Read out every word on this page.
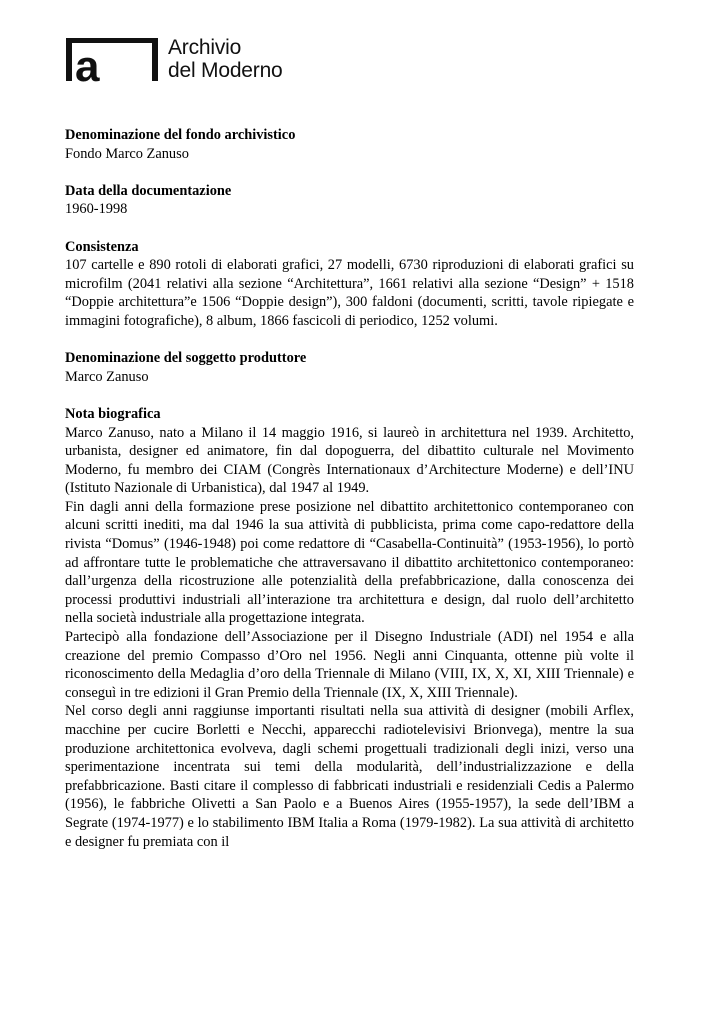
a	Archivio
del Moderno
Denominazione del fondo archivistico
Fondo Marco Zanuso
Data della documentazione
1960-1998
Consistenza

107 cartelle e 890 rotoli di elaborati grafici, 27 modelli, 6730 riproduzioni di elaborati grafici su microfilm (2041 relativi alla sezione “Architettura”, 1661 relativi alla sezione “Design” + 1518 “Doppie architettura”e 1506 “Doppie design”), 300 faldoni (documenti, scritti, tavole ripiegate e immagini fotografiche), 8 album, 1866 fascicoli di periodico, 1252 volumi.

Denominazione del soggetto produttore
Marco Zanuso
Nota biografica

Marco Zanuso, nato a Milano il 14 maggio 1916, si laureò in architettura nel 1939. Architetto, urbanista, designer ed animatore, fin dal dopoguerra, del dibattito culturale nel Movimento Moderno, fu membro dei CIAM (Congrès Internationaux d’Architecture Moderne) e dell’INU (Istituto Nazionale di Urbanistica), dal 1947 al 1949.

Fin dagli anni della formazione prese posizione nel dibattito architettonico contemporaneo con alcuni scritti inediti, ma dal 1946 la sua attività di pubblicista, prima come capo-redattore della rivista “Domus” (1946-1948) poi come redattore di “Casabella-Continuità” (1953-1956), lo portò ad affrontare tutte le problematiche che attraversavano il dibattito architettonico contemporaneo: dall’urgenza della ricostruzione alle potenzialità della prefabbricazione, dalla conoscenza dei processi produttivi industriali all’interazione tra architettura e design, dal ruolo dell’architetto nella società industriale alla progettazione integrata.

Partecipò alla fondazione dell’Associazione per il Disegno Industriale (ADI) nel 1954 e alla creazione del premio Compasso d’Oro nel 1956. Negli anni Cinquanta, ottenne più volte il riconoscimento della Medaglia d’oro della Triennale di Milano (VIII, IX, X, XI, XIII Triennale) e conseguì in tre edizioni il Gran Premio della Triennale (IX, X, XIII Triennale).

Nel corso degli anni raggiunse importanti risultati nella sua attività di designer (mobili Arflex, macchine per cucire Borletti e Necchi, apparecchi radiotelevisivi Brionvega), mentre la sua produzione architettonica evolveva, dagli schemi progettuali tradizionali degli inizi, verso una sperimentazione incentrata sui temi della modularità, dell’industrializzazione e della prefabbricazione. Basti citare il complesso di fabbricati industriali e residenziali Cedis a Palermo (1956), le fabbriche Olivetti a San Paolo e a Buenos Aires (1955-1957), la sede dell’IBM a Segrate (1974-1977) e lo stabilimento IBM Italia a Roma (1979-1982). La sua attività di architetto e designer fu premiata con il
